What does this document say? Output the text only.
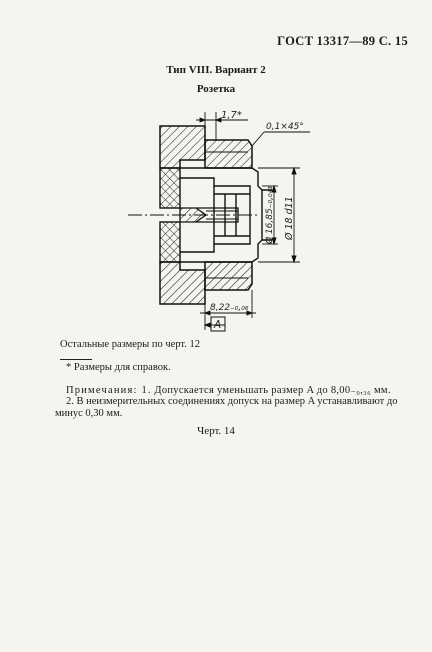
ГОСТ 13317—89 С. 15
Тип VIII. Вариант 2
Розетка
1,7*
0,1×45°
Ø 16,85₋₀,₀₄₃ Ø 18 d11
8,22₋₀,₀₆
A
Остальные размеры по черт. 12
* Размеры для справок.
Примечания: 1. Допускается уменьшать размер A до 8,00₋₀,₃₆ мм.
2. В неизмерительных соединениях допуск на размер A устанавливают до
минус 0,30 мм.
Черт. 14
